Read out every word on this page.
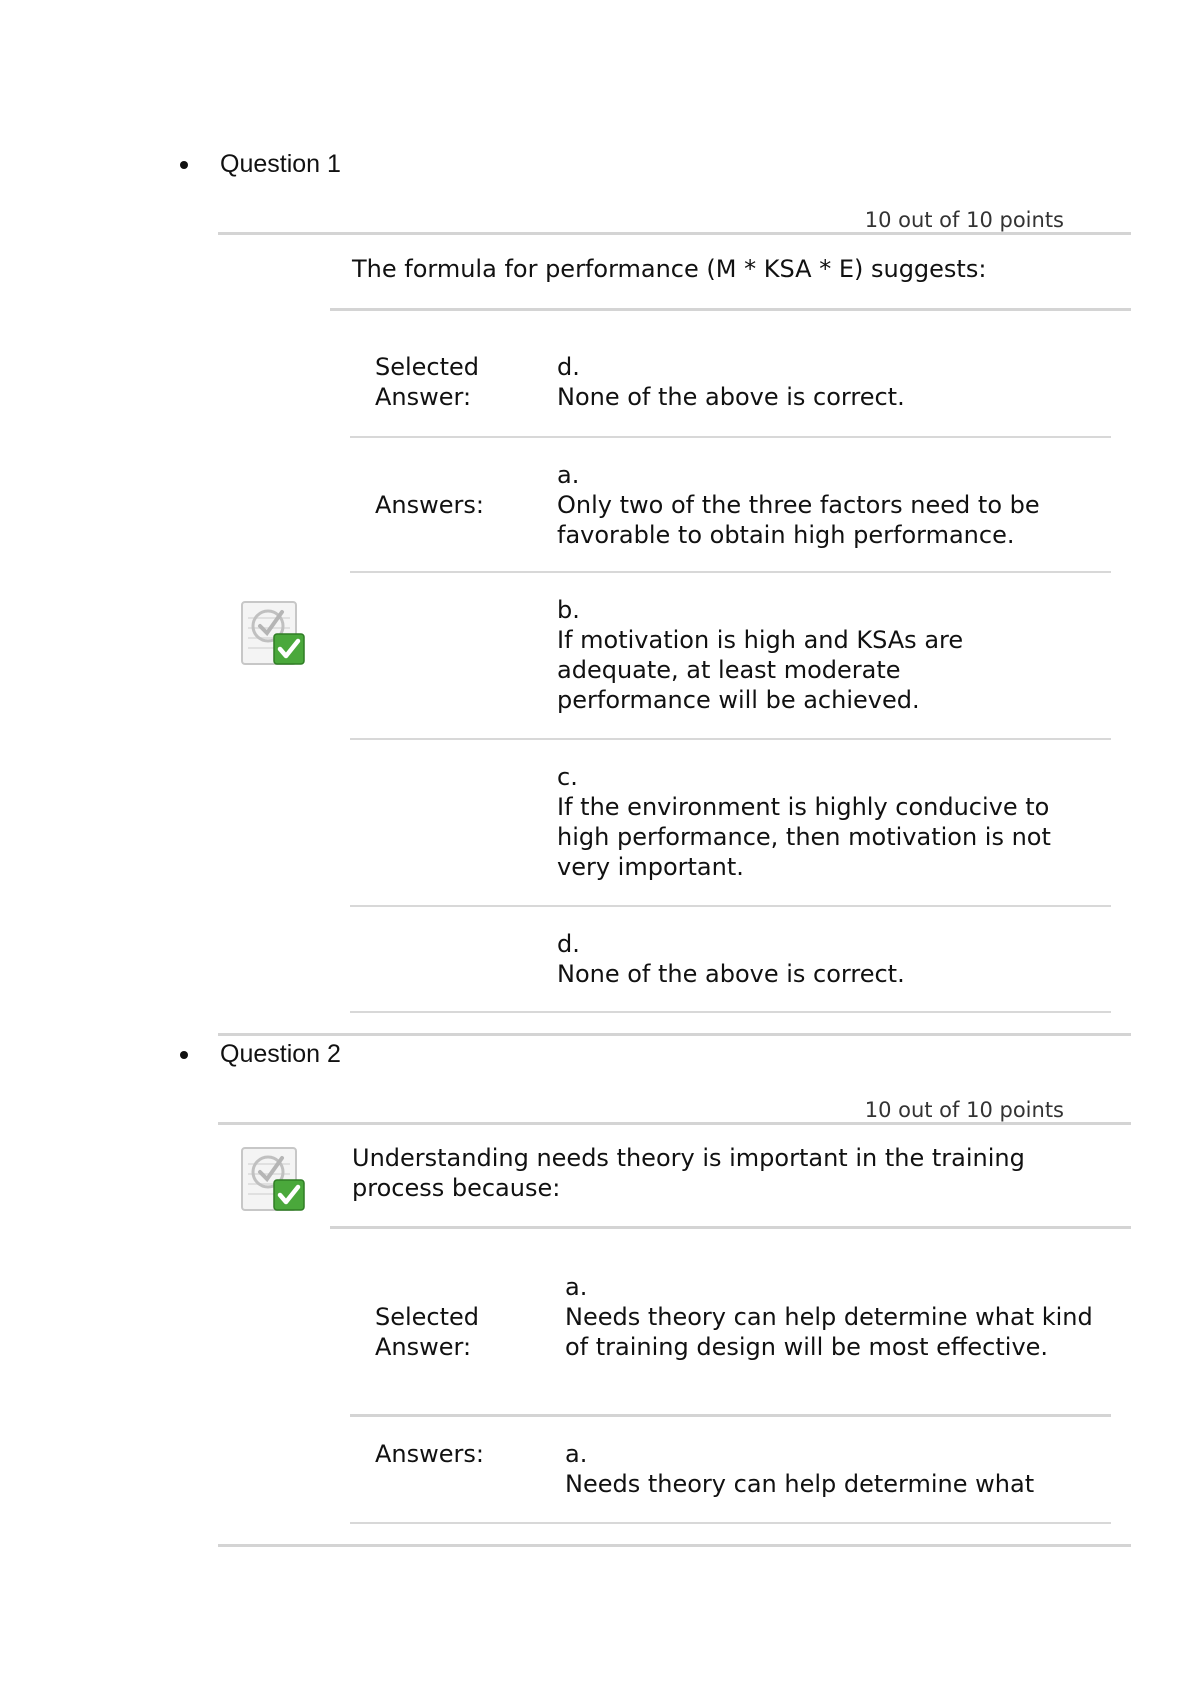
Question 1
10 out of 10 points
The formula for performance (M * KSA * E) suggests:
Selected Answer:
d.
None of the above is correct.
Answers:
a.
Only two of the three factors need to be favorable to obtain high performance.
b.
If motivation is high and KSAs are adequate, at least moderate performance will be achieved.
c.
If the environment is highly conducive to high performance, then motivation is not very important.
d.
None of the above is correct.
Question 2
10 out of 10 points
Understanding needs theory is important in the training process because:
Selected Answer:
a.
Needs theory can help determine what kind of training design will be most effective.
Answers:	a.
Needs theory can help determine what
